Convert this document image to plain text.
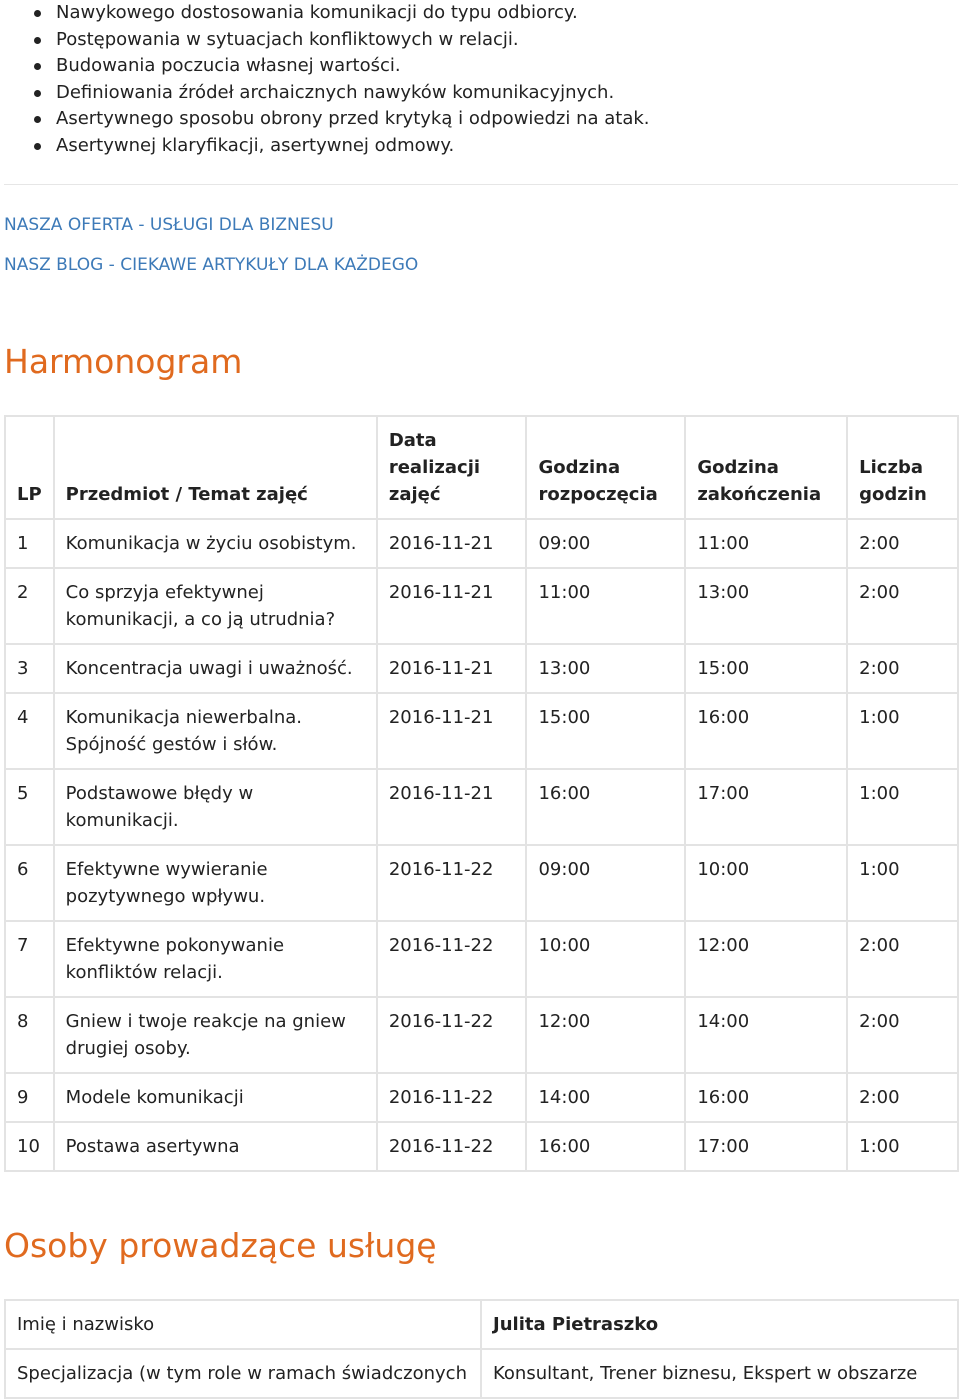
Nawykowego dostosowania komunikacji do typu odbiorcy.
Postępowania w sytuacjach konfliktowych w relacji.
Budowania poczucia własnej wartości.
Definiowania źródeł archaicznych nawyków komunikacyjnych.
Asertywnego sposobu obrony przed krytyką i odpowiedzi na atak.
Asertywnej klaryfikacji, asertywnej odmowy.
NASZA OFERTA - USŁUGI DLA BIZNESU
NASZ BLOG - CIEKAWE ARTYKUŁY DLA KAŻDEGO
Harmonogram
LP	Przedmiot / Temat zajęć	Data realizacji zajęć	Godzina rozpoczęcia	Godzina zakończenia	Liczba godzin
1	Komunikacja w życiu osobistym.	2016-11-21	09:00	11:00	2:00
2	Co sprzyja efektywnej komunikacji, a co ją utrudnia?	2016-11-21	11:00	13:00	2:00
3	Koncentracja uwagi i uważność.	2016-11-21	13:00	15:00	2:00
4	Komunikacja niewerbalna. Spójność gestów i słów.	2016-11-21	15:00	16:00	1:00
5	Podstawowe błędy w komunikacji.	2016-11-21	16:00	17:00	1:00
6	Efektywne wywieranie pozytywnego wpływu.	2016-11-22	09:00	10:00	1:00
7	Efektywne pokonywanie konfliktów relacji.	2016-11-22	10:00	12:00	2:00
8	Gniew i twoje reakcje na gniew drugiej osoby.	2016-11-22	12:00	14:00	2:00
9	Modele komunikacji	2016-11-22	14:00	16:00	2:00
10	Postawa asertywna	2016-11-22	16:00	17:00	1:00
Osoby prowadzące usługę
Imię i nazwisko	Julita Pietraszko
Specjalizacja (w tym role w ramach świadczonych	Konsultant, Trener biznesu, Ekspert w obszarze
